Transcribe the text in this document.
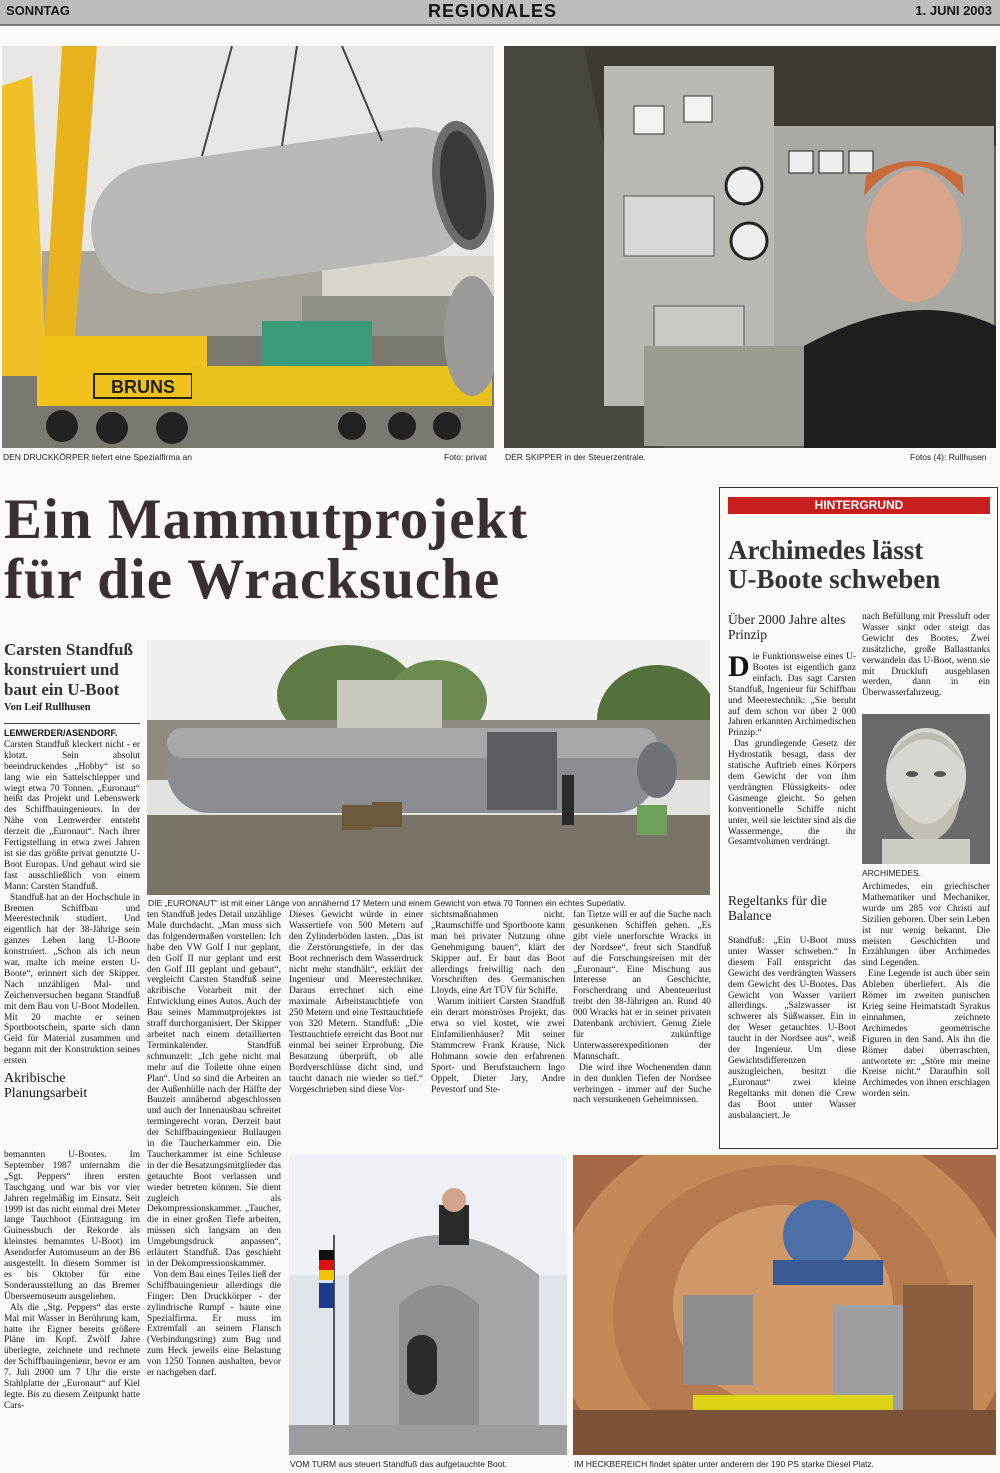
SONNTAG	REGIONALES	1. JUNI 2003
BRUNS
DEN DRUCKKÖRPER liefert eine Spezialfirma an	Foto: privat DER SKIPPER in der Steuerzentrale.	Fotos (4): Rullhusen
Ein Mammutprojekt
für die Wracksuche
Carsten Standfuß konstruiert und baut ein U-Boot
Von Leif Rullhusen
DIE „EURONAUT“ ist mit einer Länge von annähernd 17 Metern und einem Gewicht von etwa 70 Tonnen ein echtes Superlativ.

LEMWERDER/ASENDORF.

Carsten Standfuß kleckert nicht - er klotzt. Sein absolut beeindruckendes „Hobby“ ist so lang wie ein Sattelschlepper und wiegt etwa 70 Tonnen. „Euronaut“ heißt das Projekt und Lebenswerk des Schiffbauingenieurs. In der Nähe von Lemwerder entsteht derzeit die „Euronaut“. Nach ihrer Fertigstellung in etwa zwei Jahren ist sie das größte privat genutzte U-Boot Europas. Und gebaut wird sie fast ausschließlich von einem Mann: Carsten Standfuß.

Standfuß hat an der Hochschule in Bremen Schiffbau und Meerestechnik studiert. Und eigentlich hat der 38-Jährige sein ganzes Leben lang U-Boote konstruiert. „Schon als ich neun war, malte ich meine ersten U-Boote“, erinnert sich der Skipper. Nach unzähligen Mal- und Zeichenversuchen begann Standfuß mit dem Bau von U-Boot Modellen. Mit 20 machte er seinen Sportbootschein, sparte sich dann Geld für Material zusammen und begann mit der Konstruktion seines ersten

Akribische Planungsarbeit

bemannten U-Bootes. Im September 1987 unternahm die „Sgt. Peppers“ ihren ersten Tauchgang und war bis vor vier Jahren regelmäßig im Einsatz. Seit 1999 ist das nicht einmal drei Meter lange Tauchboot (Eintragung im Guinessbuch der Rekorde als kleinstes bemanntes U-Boot) im Asendorfer Automuseum an der B6 ausgestellt. In diesem Sommer ist es bis Oktober für eine Sonderausstellung an das Bremer Überseemuseum ausgeliehen.

Als die „Stg. Peppers“ das erste Mal mit Wasser in Berührung kam, hatte ihr Eigner bereits größere Pläne im Kopf. Zwölf Jahre überlegte, zeichnete und rechnete der Schiffbauingenieur, bevor er am 7. Juli 2000 um 7 Uhr die erste Stahlplatte der „Euronaut“ auf Kiel legte. Bis zu diesem Zeitpunkt hatte Cars-

ten Standfuß jedes Detail unzählige Male durchdacht. „Man muss sich das folgendermaßen vorstellen: Ich habe den VW Golf I nur geplant, den Golf II nur geplant und erst den Golf III geplant und gebaut“, vergleicht Carsten Standfuß seine akribische Vorarbeit mit der Entwicklung eines Autos. Auch der Bau seines Mammutprojektes ist straff durchorganisiert. Der Skipper arbeitet nach einem detaillierten Terminkalender. Standfuß schmunzelt: „Ich gehe nicht mal mehr auf die Toilette ohne einen Plan“. Und so sind die Arbeiten an der Außenhülle nach der Hälfte der Bauzeit annähernd abgeschlossen und auch der Innenausbau schreitet termingerecht voran. Derzeit baut der Schiffbauingenieur Bullaugen in die Taucherkammer ein. Die Taucherkammer ist eine Schleuse in der die Besatzungsmitglieder das getauchte Boot verlassen und wieder betreten können. Sie dient zugleich als Dekompressionskammer. „Taucher, die in einer großen Tiefe arbeiten, müssen sich langsam an den Umgebungsdruck anpassen“, erläutert Standfuß. Das geschieht in der Dekompressionskammer.

Von dem Bau eines Teiles ließ der Schiffbauingenieur allerdings die Finger: Den Druckkörper - der zylindrische Rumpf - baute eine Spezialfirma. Er muss im Extremfall an seinem Flansch (Verbindungsring) zum Bug und zum Heck jeweils eine Belastung von 1250 Tonnen aushalten, bevor er nachgeben darf.

Dieses Gewicht würde in einer Wassertiefe von 500 Metern auf den Zylinderböden lasten. „Das ist die Zerstörungstiefe, in der das Boot rechnerisch dem Wasserdruck nicht mehr standhält“, erklärt der Ingenieur und Meerestechniker. Daraus errechnet sich eine maximale Arbeitstauchtiefe von 250 Metern und eine Testtauchtiefe von 320 Metern. Standfuß: „Die Testtauchtiefe erreicht das Boot nur einmal bei seiner Erprobung. Die Besatzung überprüft, ob alle Bordverschlüsse dicht sind, und taucht danach nie wieder so tief.“ Vorgeschrieben sind diese Vor-

sichtsmaßnahmen nicht. „Raumschiffe und Sportboote kann man bei privater Nutzung ohne Genehmigung bauen“, klärt der Skipper auf. Er baut das Boot allerdings freiwillig nach den Vorschriften des Germanischen Lloyds, eine Art TÜV für Schiffe.

Warum initiiert Carsten Standfuß ein derart monströses Projekt, das etwa so viel kostet, wie zwei Einfamilienhäuser? Mit seiner Stammcrew Frank Krause, Nick Hohmann sowie den erfahrenen Sport- und Berufstauchern Ingo Oppelt, Dieter Jary, Andre Pevestorf und Ste-

fan Tietze will er auf die Suche nach gesunkenen Schiffen gehen. „Es gibt viele unerforschte Wracks in der Nordsee“, freut sich Standfuß auf die Forschungsreisen mit der „Euronaut“. Eine Mischung aus Interesse an Geschichte, Forscherdrang und Abenteuerlust treibt den 38-Jährigen an. Rund 40 000 Wracks hat er in seiner privaten Datenbank archiviert. Genug Ziele für zukünftige Unterwasserexpeditionen der Mannschaft.

Die wird ihre Wochenenden dann in den dunklen Tiefen der Nordsee verbringen - immer auf der Suche nach versunkenen Geheimnissen.

VOM TURM aus steuert Standfuß das aufgetauchte Boot.	IM HECKBEREICH findet später unter anderem der 190 PS starke Diesel Platz.
HINTERGRUND
Archimedes lässt
U-Boote schweben
Über 2000 Jahre altes Prinzip

Die Funktionsweise eines U-Bootes ist eigentlich ganz einfach. Das sagt Carsten Standfuß, Ingenieur für Schiffbau und Meerestechnik: „Sie beruht auf dem schon vor über 2 000 Jahren erkannten Archimedischen Prinzip.“

Das grundlegende Gesetz der Hydrostatik besagt, dass der statische Auftrieb eines Körpers dem Gewicht der von ihm verdrängten Flüssigkeits- oder Gasmenge gleicht. So gehen konventionelle Schiffe nicht unter, weil sie leichter sind als die Wassermenge, die ihr Gesamtvolumen verdrängt.

Regeltanks für die Balance

Standfuß: „Ein U-Boot muss unter Wasser schweben.“ In diesem Fall entspricht das Gewicht des verdrängten Wassers dem Gewicht des U-Bootes. Das Gewicht von Wasser variiert allerdings. „Salzwasser ist schwerer als Süßwasser. Ein in der Weser getauchtes U-Boot taucht in der Nordsee aus“, weiß der Ingenieur. Um diese Gewichtsdifferenzen auszugleichen, besitzt die „Euronaut“ zwei kleine Regeltanks mit denen die Crew das Boot unter Wasser ausbalanciert. Je

nach Befüllung mit Pressluft oder Wasser sinkt oder steigt das Gewicht des Bootes. Zwei zusätzliche, große Ballasttanks verwandeln das U-Boot, wenn sie mit Druckluft ausgeblasen werden, dann in ein Überwasserfahrzeug.

ARCHIMEDES.

Archimedes, ein griechischer Mathematiker und Mechaniker, wurde um 285 vor Christi auf Sizilien geboren. Über sein Leben ist nur wenig bekannt. Die meisten Geschichten und Erzählungen über Archimedes sind Legenden.

Eine Legende ist auch über sein Ableben überliefert. Als die Römer im zweiten punischen Krieg seine Heimatstadt Syrakus einnahmen, zeichnete Archimedes geometrische Figuren in den Sand. Als ihn die Römer dabei überraschten, antwortete er: „Störe mir meine Kreise nicht.“ Daraufhin soll Archimedes von ihnen erschlagen worden sein.
